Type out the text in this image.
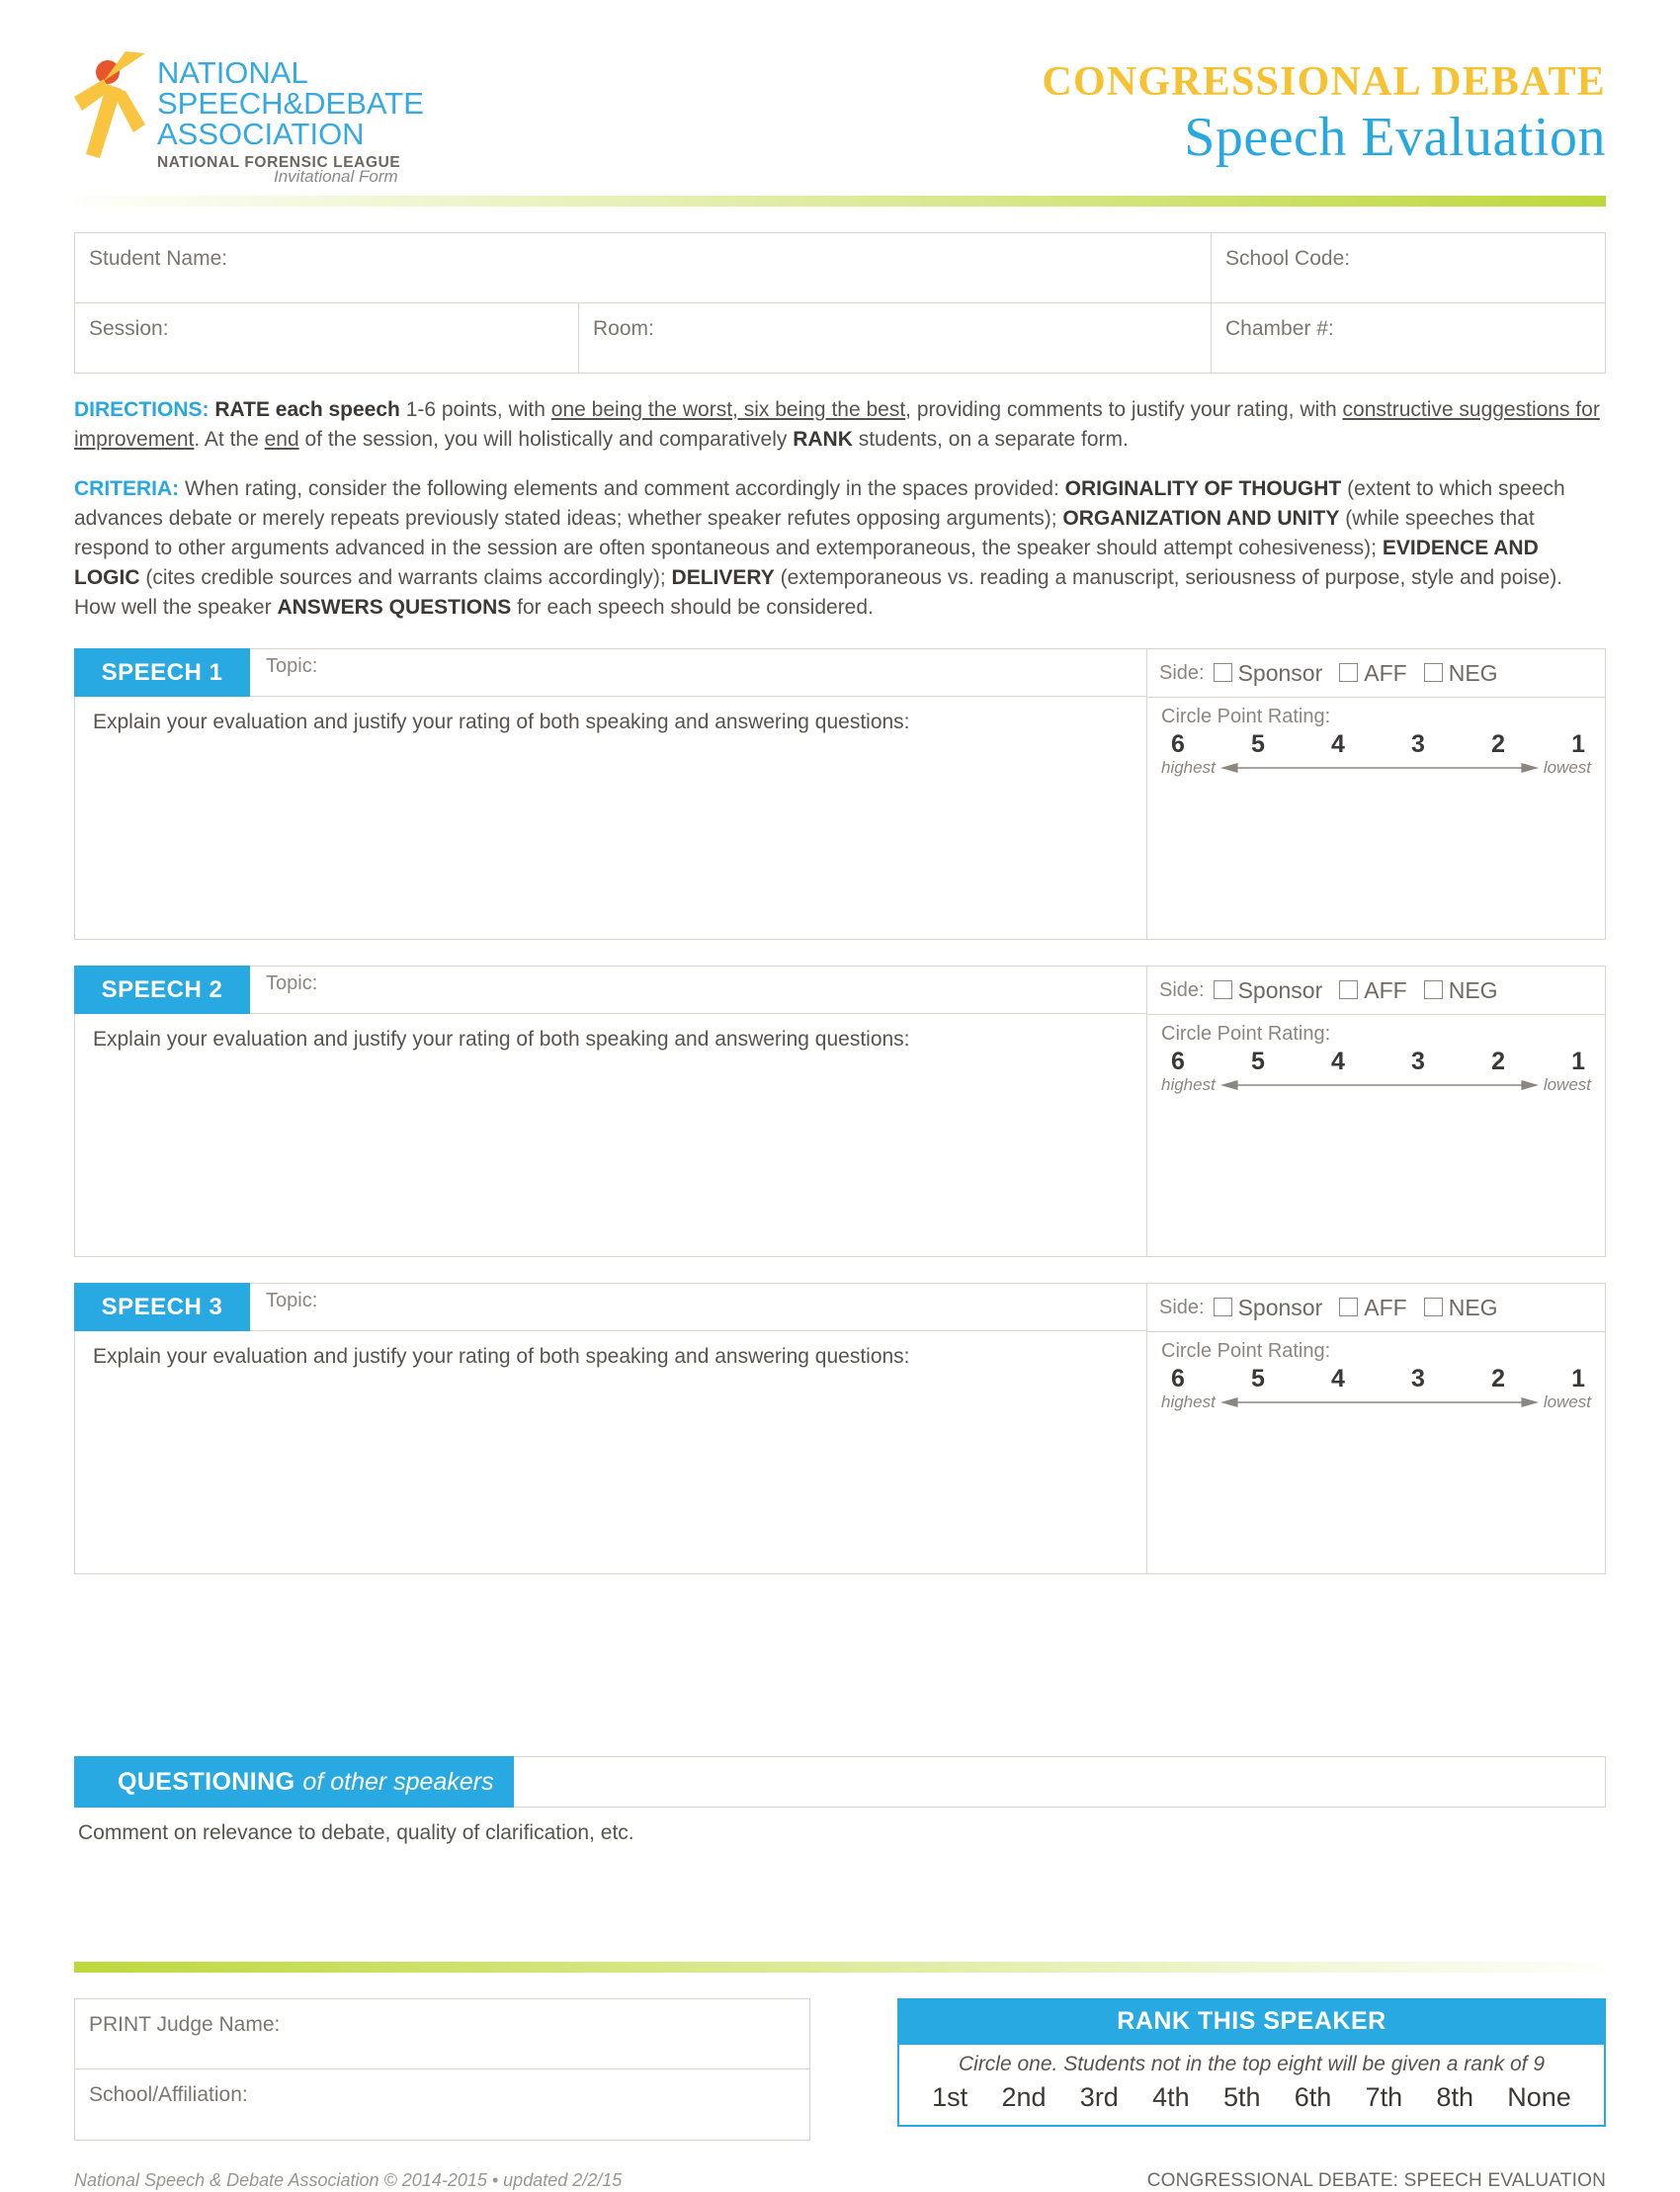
NATIONAL
SPEECH&DEBATE
ASSOCIATION
NATIONAL FORENSIC LEAGUE
Invitational Form
CONGRESSIONAL DEBATE
Speech Evaluation
Student Name:	School Code:
Session:	Room:	Chamber #:
DIRECTIONS: RATE each speech 1-6 points, with one being the worst, six being the best, providing comments to justify your rating, with constructive suggestions for improvement. At the end of the session, you will holistically and comparatively RANK students, on a separate form.
CRITERIA: When rating, consider the following elements and comment accordingly in the spaces provided: ORIGINALITY OF THOUGHT (extent to which speech advances debate or merely repeats previously stated ideas; whether speaker refutes opposing arguments); ORGANIZATION AND UNITY (while speeches that respond to other arguments advanced in the session are often spontaneous and extemporaneous, the speaker should attempt cohesiveness); EVIDENCE AND LOGIC (cites credible sources and warrants claims accordingly); DELIVERY (extemporaneous vs. reading a manuscript, seriousness of purpose, style and poise). How well the speaker ANSWERS QUESTIONS for each speech should be considered.
SPEECH 1	Topic:
Explain your evaluation and justify your rating of both speaking and answering questions:
Side:	Sponsor	AFF	NEG
Circle Point Rating:
6	5	4	3	2	1
highest	lowest
SPEECH 2	Topic:
Explain your evaluation and justify your rating of both speaking and answering questions:
Side:	Sponsor	AFF	NEG
Circle Point Rating:
6	5	4	3	2	1
highest	lowest
SPEECH 3	Topic:
Explain your evaluation and justify your rating of both speaking and answering questions:
Side:	Sponsor	AFF	NEG
Circle Point Rating:
6	5	4	3	2	1
highest	lowest
QUESTIONING of other speakers
Comment on relevance to debate, quality of clarification, etc.
PRINT Judge Name:
School/Affiliation:
RANK THIS SPEAKER
Circle one. Students not in the top eight will be given a rank of 9
1st 2nd 3rd 4th 5th 6th 7th 8th None
National Speech & Debate Association © 2014-2015 • updated 2/2/15	CONGRESSIONAL DEBATE: SPEECH EVALUATION
